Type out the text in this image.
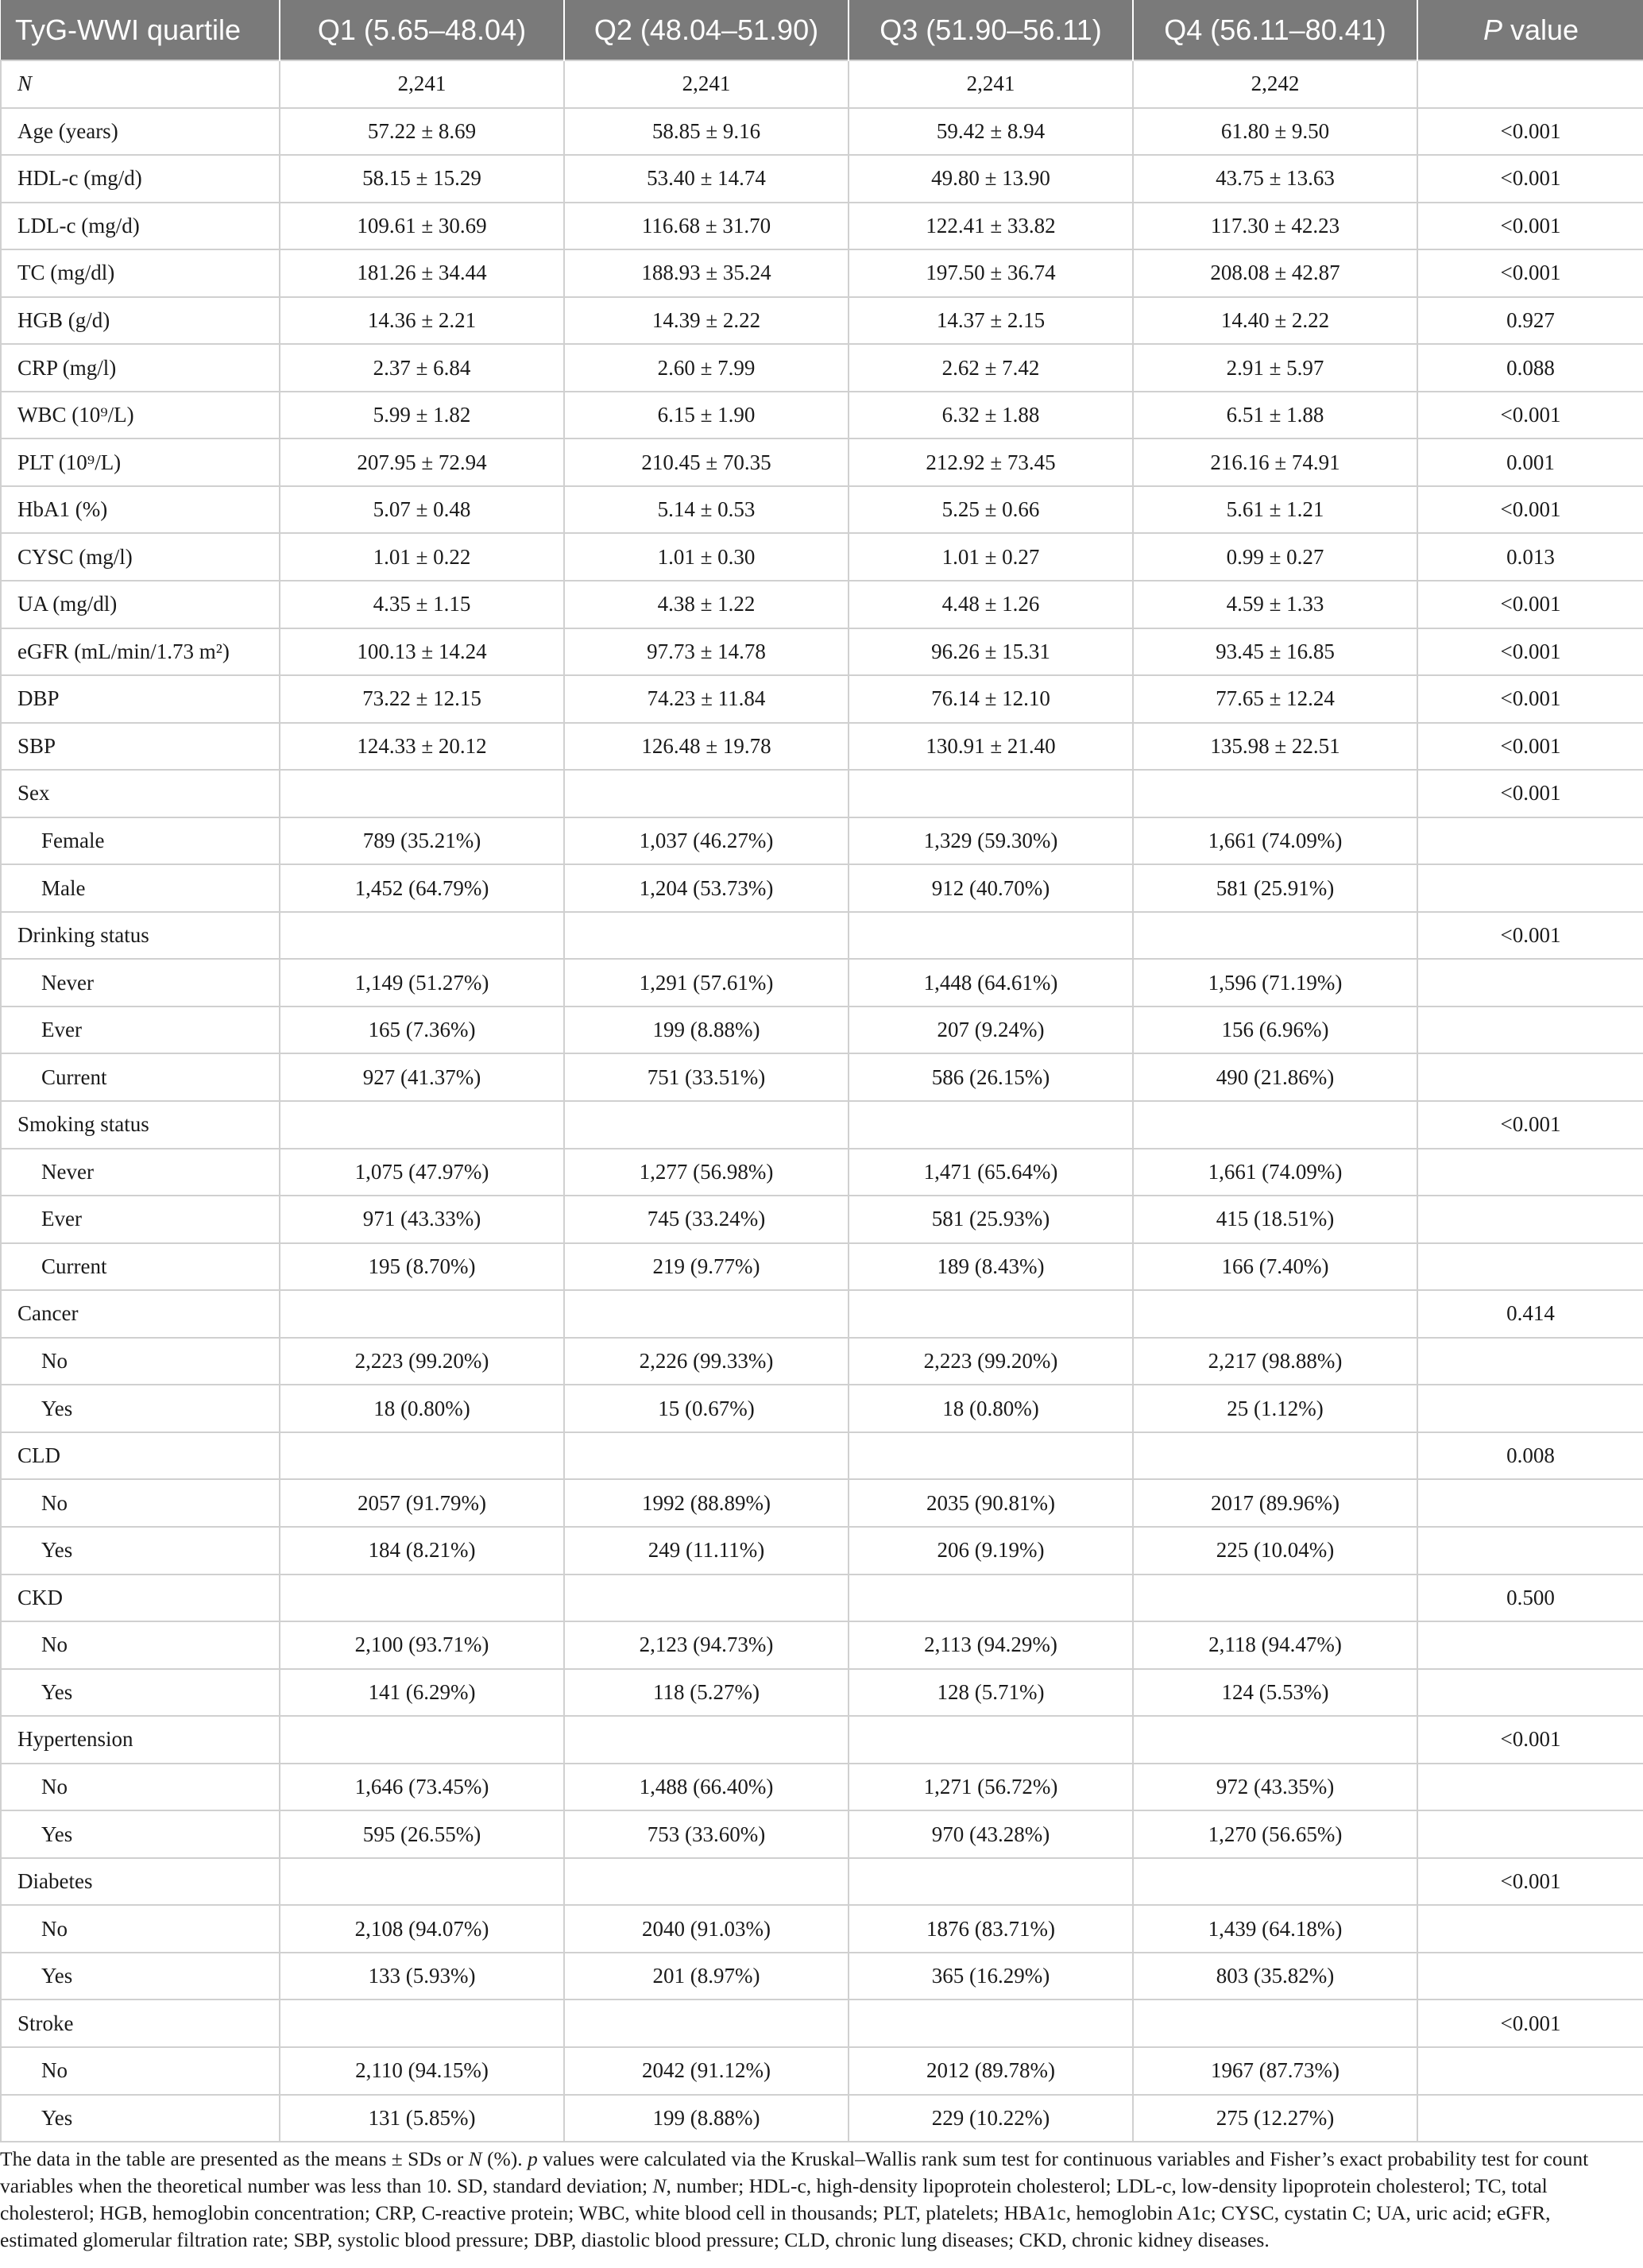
TyG-WWI quartile	Q1 (5.65–48.04)	Q2 (48.04–51.90)	Q3 (51.90–56.11)	Q4 (56.11–80.41)	P value
N	2,241	2,241	2,241	2,242	
Age (years)	57.22 ± 8.69	58.85 ± 9.16	59.42 ± 8.94	61.80 ± 9.50	<0.001
HDL-c (mg/d)	58.15 ± 15.29	53.40 ± 14.74	49.80 ± 13.90	43.75 ± 13.63	<0.001
LDL-c (mg/d)	109.61 ± 30.69	116.68 ± 31.70	122.41 ± 33.82	117.30 ± 42.23	<0.001
TC (mg/dl)	181.26 ± 34.44	188.93 ± 35.24	197.50 ± 36.74	208.08 ± 42.87	<0.001
HGB (g/d)	14.36 ± 2.21	14.39 ± 2.22	14.37 ± 2.15	14.40 ± 2.22	0.927
CRP (mg/l)	2.37 ± 6.84	2.60 ± 7.99	2.62 ± 7.42	2.91 ± 5.97	0.088
WBC (10⁹/L)	5.99 ± 1.82	6.15 ± 1.90	6.32 ± 1.88	6.51 ± 1.88	<0.001
PLT (10⁹/L)	207.95 ± 72.94	210.45 ± 70.35	212.92 ± 73.45	216.16 ± 74.91	0.001
HbA1 (%)	5.07 ± 0.48	5.14 ± 0.53	5.25 ± 0.66	5.61 ± 1.21	<0.001
CYSC (mg/l)	1.01 ± 0.22	1.01 ± 0.30	1.01 ± 0.27	0.99 ± 0.27	0.013
UA (mg/dl)	4.35 ± 1.15	4.38 ± 1.22	4.48 ± 1.26	4.59 ± 1.33	<0.001
eGFR (mL/min/1.73 m²)	100.13 ± 14.24	97.73 ± 14.78	96.26 ± 15.31	93.45 ± 16.85	<0.001
DBP	73.22 ± 12.15	74.23 ± 11.84	76.14 ± 12.10	77.65 ± 12.24	<0.001
SBP	124.33 ± 20.12	126.48 ± 19.78	130.91 ± 21.40	135.98 ± 22.51	<0.001
Sex					<0.001
Female	789 (35.21%)	1,037 (46.27%)	1,329 (59.30%)	1,661 (74.09%)	
Male	1,452 (64.79%)	1,204 (53.73%)	912 (40.70%)	581 (25.91%)	
Drinking status					<0.001
Never	1,149 (51.27%)	1,291 (57.61%)	1,448 (64.61%)	1,596 (71.19%)	
Ever	165 (7.36%)	199 (8.88%)	207 (9.24%)	156 (6.96%)	
Current	927 (41.37%)	751 (33.51%)	586 (26.15%)	490 (21.86%)	
Smoking status					<0.001
Never	1,075 (47.97%)	1,277 (56.98%)	1,471 (65.64%)	1,661 (74.09%)	
Ever	971 (43.33%)	745 (33.24%)	581 (25.93%)	415 (18.51%)	
Current	195 (8.70%)	219 (9.77%)	189 (8.43%)	166 (7.40%)	
Cancer					0.414
No	2,223 (99.20%)	2,226 (99.33%)	2,223 (99.20%)	2,217 (98.88%)	
Yes	18 (0.80%)	15 (0.67%)	18 (0.80%)	25 (1.12%)	
CLD					0.008
No	2057 (91.79%)	1992 (88.89%)	2035 (90.81%)	2017 (89.96%)	
Yes	184 (8.21%)	249 (11.11%)	206 (9.19%)	225 (10.04%)	
CKD					0.500
No	2,100 (93.71%)	2,123 (94.73%)	2,113 (94.29%)	2,118 (94.47%)	
Yes	141 (6.29%)	118 (5.27%)	128 (5.71%)	124 (5.53%)	
Hypertension					<0.001
No	1,646 (73.45%)	1,488 (66.40%)	1,271 (56.72%)	972 (43.35%)	
Yes	595 (26.55%)	753 (33.60%)	970 (43.28%)	1,270 (56.65%)	
Diabetes					<0.001
No	2,108 (94.07%)	2040 (91.03%)	1876 (83.71%)	1,439 (64.18%)	
Yes	133 (5.93%)	201 (8.97%)	365 (16.29%)	803 (35.82%)	
Stroke					<0.001
No	2,110 (94.15%)	2042 (91.12%)	2012 (89.78%)	1967 (87.73%)	
Yes	131 (5.85%)	199 (8.88%)	229 (10.22%)	275 (12.27%)	

The data in the table are presented as the means ± SDs or N (%). p values were calculated via the Kruskal–Wallis rank sum test for continuous variables and Fisher’s exact probability test for count variables when the theoretical number was less than 10. SD, standard deviation; N, number; HDL-c, high-density lipoprotein cholesterol; LDL-c, low-density lipoprotein cholesterol; TC, total cholesterol; HGB, hemoglobin concentration; CRP, C-reactive protein; WBC, white blood cell in thousands; PLT, platelets; HBA1c, hemoglobin A1c; CYSC, cystatin C; UA, uric acid; eGFR, estimated glomerular filtration rate; SBP, systolic blood pressure; DBP, diastolic blood pressure; CLD, chronic lung diseases; CKD, chronic kidney diseases.
